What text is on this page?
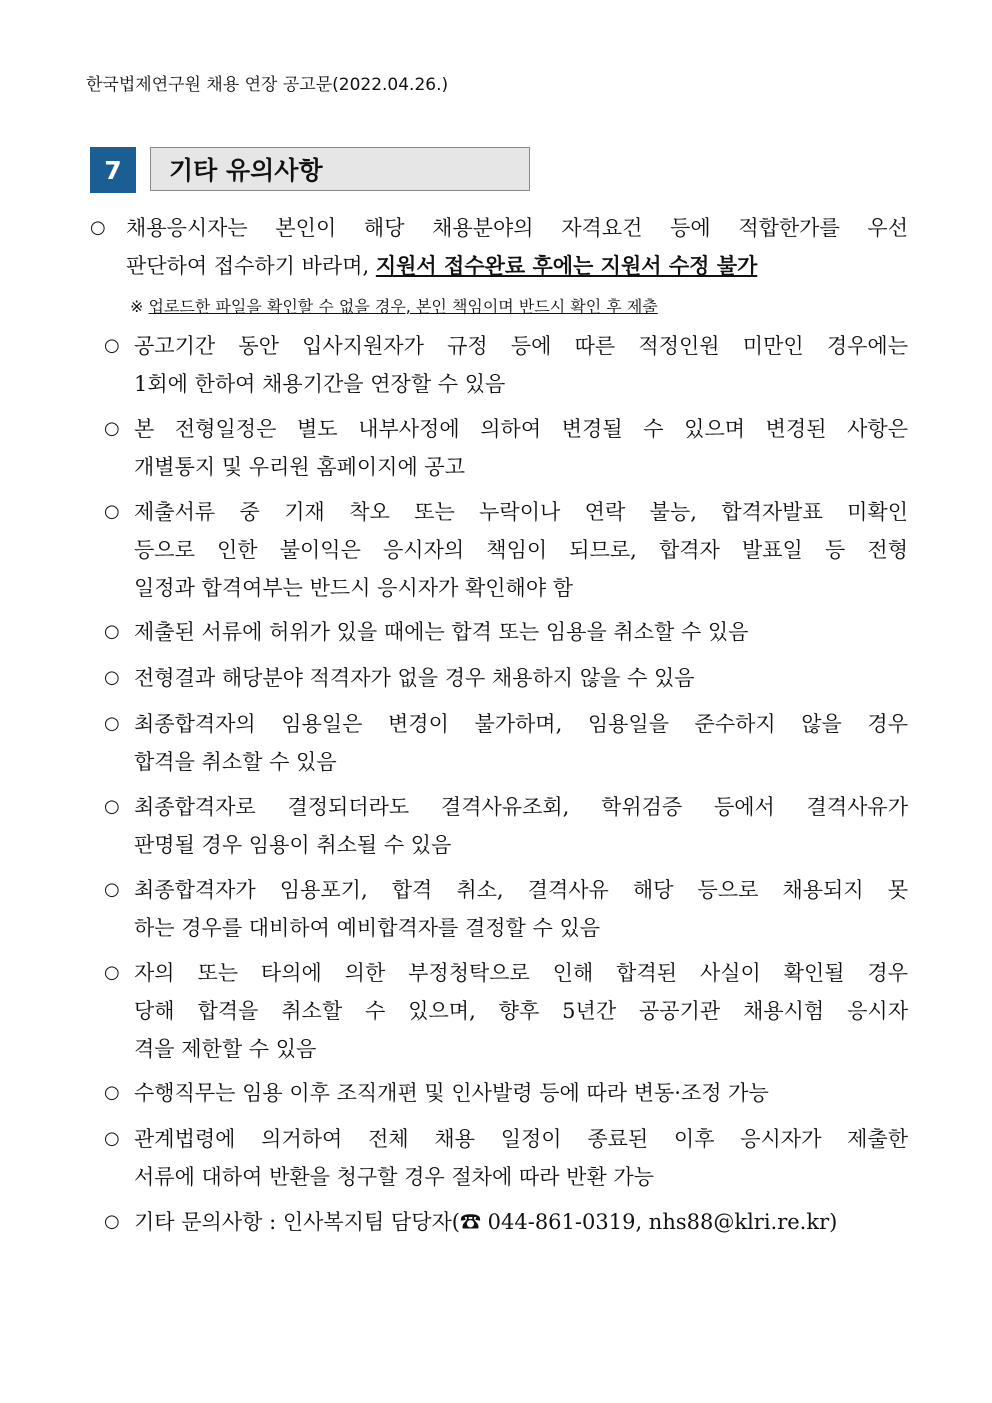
한국법제연구원 채용 연장 공고문(2022.04.26.)
7	기타 유의사항
○ 채용응시자는 본인이 해당 채용분야의 자격요건 등에 적합한가를 우선
판단하여 접수하기 바라며, 지원서 접수완료 후에는 지원서 수정 불가
※ 업로드한 파일을 확인할 수 없을 경우, 본인 책임이며 반드시 확인 후 제출
○ 공고기간 동안 입사지원자가 규정 등에 따른 적정인원 미만인 경우에는
1회에 한하여 채용기간을 연장할 수 있음
○ 본 전형일정은 별도 내부사정에 의하여 변경될 수 있으며 변경된 사항은
개별통지 및 우리원 홈페이지에 공고
○ 제출서류 중 기재 착오 또는 누락이나 연락 불능, 합격자발표 미확인
등으로 인한 불이익은 응시자의 책임이 되므로, 합격자 발표일 등 전형
일정과 합격여부는 반드시 응시자가 확인해야 함
○ 제출된 서류에 허위가 있을 때에는 합격 또는 임용을 취소할 수 있음
○ 전형결과 해당분야 적격자가 없을 경우 채용하지 않을 수 있음
○ 최종합격자의 임용일은 변경이 불가하며, 임용일을 준수하지 않을 경우
합격을 취소할 수 있음
○ 최종합격자로 결정되더라도 결격사유조회, 학위검증 등에서 결격사유가
판명될 경우 임용이 취소될 수 있음
○ 최종합격자가 임용포기, 합격 취소, 결격사유 해당 등으로 채용되지 못
하는 경우를 대비하여 예비합격자를 결정할 수 있음
○ 자의 또는 타의에 의한 부정청탁으로 인해 합격된 사실이 확인될 경우
당해 합격을 취소할 수 있으며, 향후 5년간 공공기관 채용시험 응시자
격을 제한할 수 있음
○ 수행직무는 임용 이후 조직개편 및 인사발령 등에 따라 변동·조정 가능
○ 관계법령에 의거하여 전체 채용 일정이 종료된 이후 응시자가 제출한
서류에 대하여 반환을 청구할 경우 절차에 따라 반환 가능
○ 기타 문의사항 : 인사복지팀 담당자(☎ 044-861-0319, nhs88@klri.re.kr)
